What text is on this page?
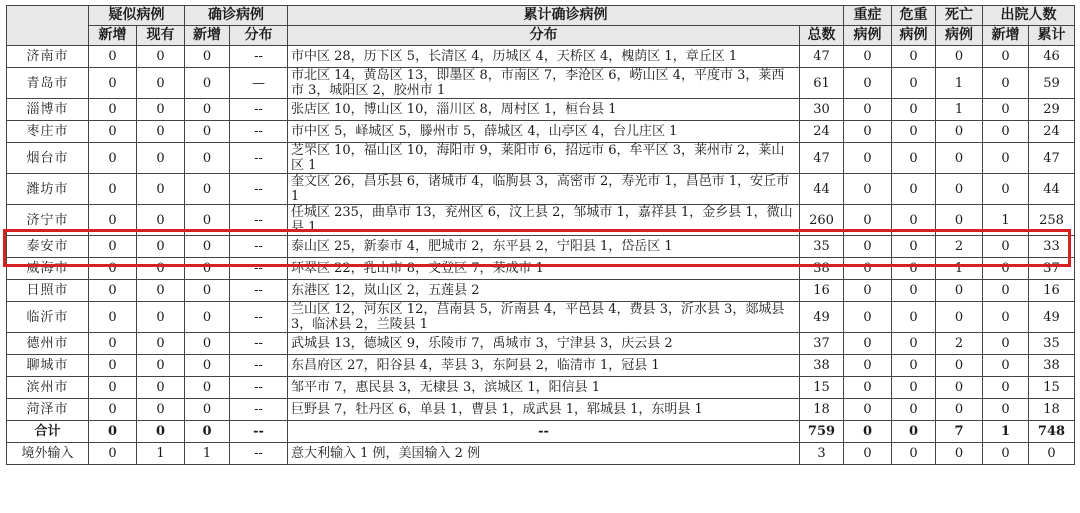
	疑似病例		确诊病例		累计确诊病例		重症	危重	死亡	出院人数	
	新增	现有	新增	分布	分布	总数	病例	病例	病例	新增	累计
济南市	0	0	0	--	市中区 28，历下区 5，长清区 4，历城区 4，天桥区 4，槐荫区 1，章丘区 1	47	0	0	0	0	46
青岛市	0	0	0	—	市北区 14，黄岛区 13，即墨区 8，市南区 7，李沧区 6，崂山区 4，平度市 3，莱西市 3，城阳区 2，胶州市 1	61	0	0	1	0	59
淄博市	0	0	0	--	张店区 10，博山区 10，淄川区 8，周村区 1，桓台县 1	30	0	0	1	0	29
枣庄市	0	0	0	--	市中区 5，峄城区 5，滕州市 5，薛城区 4，山亭区 4，台儿庄区 1	24	0	0	0	0	24
烟台市	0	0	0	--	芝罘区 10，福山区 10，海阳市 9，莱阳市 6，招远市 6，牟平区 3，莱州市 2，莱山区 1	47	0	0	0	0	47
潍坊市	0	0	0	--	奎文区 26，昌乐县 6，诸城市 4，临朐县 3，高密市 2，寿光市 1，昌邑市 1，安丘市 1	44	0	0	0	0	44
济宁市	0	0	0	--	任城区 235，曲阜市 13，兖州区 6，汶上县 2，邹城市 1，嘉祥县 1，金乡县 1，微山县 1	260	0	0	0	1	258
泰安市	0	0	0	--	泰山区 25，新泰市 4，肥城市 2，东平县 2，宁阳县 1，岱岳区 1	35	0	0	2	0	33
威海市	0	0	0	--	环翠区 22，乳山市 8，文登区 7，荣成市 1	38	0	0	1	0	37
日照市	0	0	0	--	东港区 12，岚山区 2，五莲县 2	16	0	0	0	0	16
临沂市	0	0	0	--	兰山区 12，河东区 12，莒南县 5，沂南县 4，平邑县 4，费县 3，沂水县 3，郯城县 3，临沭县 2，兰陵县 1	49	0	0	0	0	49
德州市	0	0	0	--	武城县 13，德城区 9，乐陵市 7，禹城市 3，宁津县 3，庆云县 2	37	0	0	2	0	35
聊城市	0	0	0	--	东昌府区 27，阳谷县 4，莘县 3，东阿县 2，临清市 1，冠县 1	38	0	0	0	0	38
滨州市	0	0	0	--	邹平市 7，惠民县 3，无棣县 3，滨城区 1，阳信县 1	15	0	0	0	0	15
菏泽市	0	0	0	--	巨野县 7，牡丹区 6，单县 1，曹县 1，成武县 1，郓城县 1，东明县 1	18	0	0	0	0	18
合计	0	0	0	--	--	759	0	0	7	1	748
境外输入	0	1	1	--	意大利输入 1 例，美国输入 2 例	3	0	0	0	0	0
